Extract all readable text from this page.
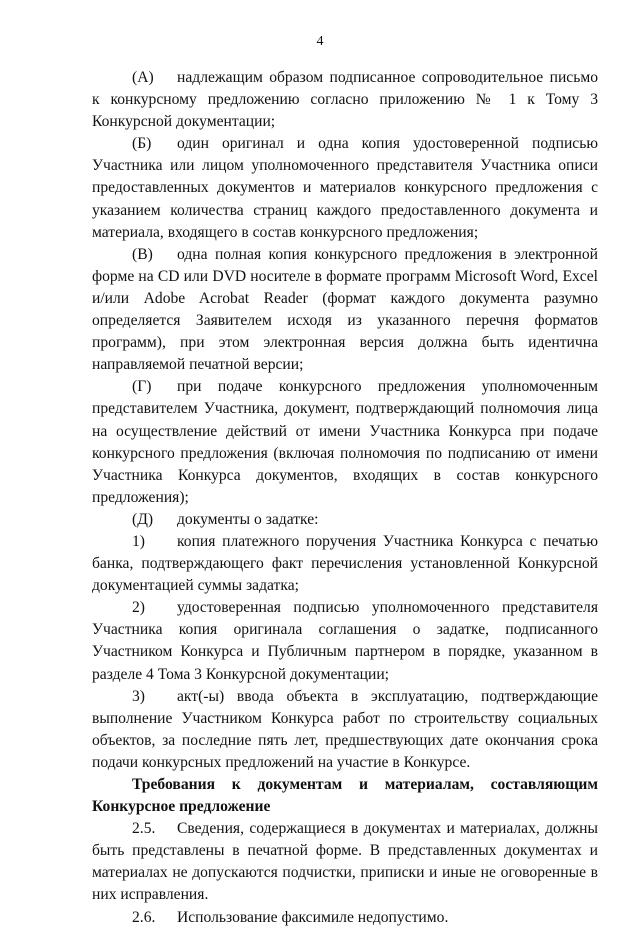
4

(А) надлежащим образом подписанное сопроводительное письмо к конкурсному предложению согласно приложению № 1 к Тому 3 Конкурсной документации;

(Б) один оригинал и одна копия удостоверенной подписью Участника или лицом уполномоченного представителя Участника описи предоставленных документов и материалов конкурсного предложения с указанием количества страниц каждого предоставленного документа и материала, входящего в состав конкурсного предложения;

(В) одна полная копия конкурсного предложения в электронной форме на CD или DVD носителе в формате программ Microsoft Word, Excel и/или Adobe Acrobat Reader (формат каждого документа разумно определяется Заявителем исходя из указанного перечня форматов программ), при этом электронная версия должна быть идентична направляемой печатной версии;

(Г) при подаче конкурсного предложения уполномоченным представителем Участника, документ, подтверждающий полномочия лица на осуществление действий от имени Участника Конкурса при подаче конкурсного предложения (включая полномочия по подписанию от имени Участника Конкурса документов, входящих в состав конкурсного предложения);

(Д) документы о задатке:

1) копия платежного поручения Участника Конкурса с печатью банка, подтверждающего факт перечисления установленной Конкурсной документацией суммы задатка;

2) удостоверенная подписью уполномоченного представителя Участника копия оригинала соглашения о задатке, подписанного Участником Конкурса и Публичным партнером в порядке, указанном в разделе 4 Тома 3 Конкурсной документации;

3) акт(-ы) ввода объекта в эксплуатацию, подтверждающие выполнение Участником Конкурса работ по строительству социальных объектов, за последние пять лет, предшествующих дате окончания срока подачи конкурсных предложений на участие в Конкурсе.

Требования к документам и материалам, составляющим Конкурсное предложение

2.5. Сведения, содержащиеся в документах и материалах, должны быть представлены в печатной форме. В представленных документах и материалах не допускаются подчистки, приписки и иные не оговоренные в них исправления.

2.6. Использование факсимиле недопустимо.
